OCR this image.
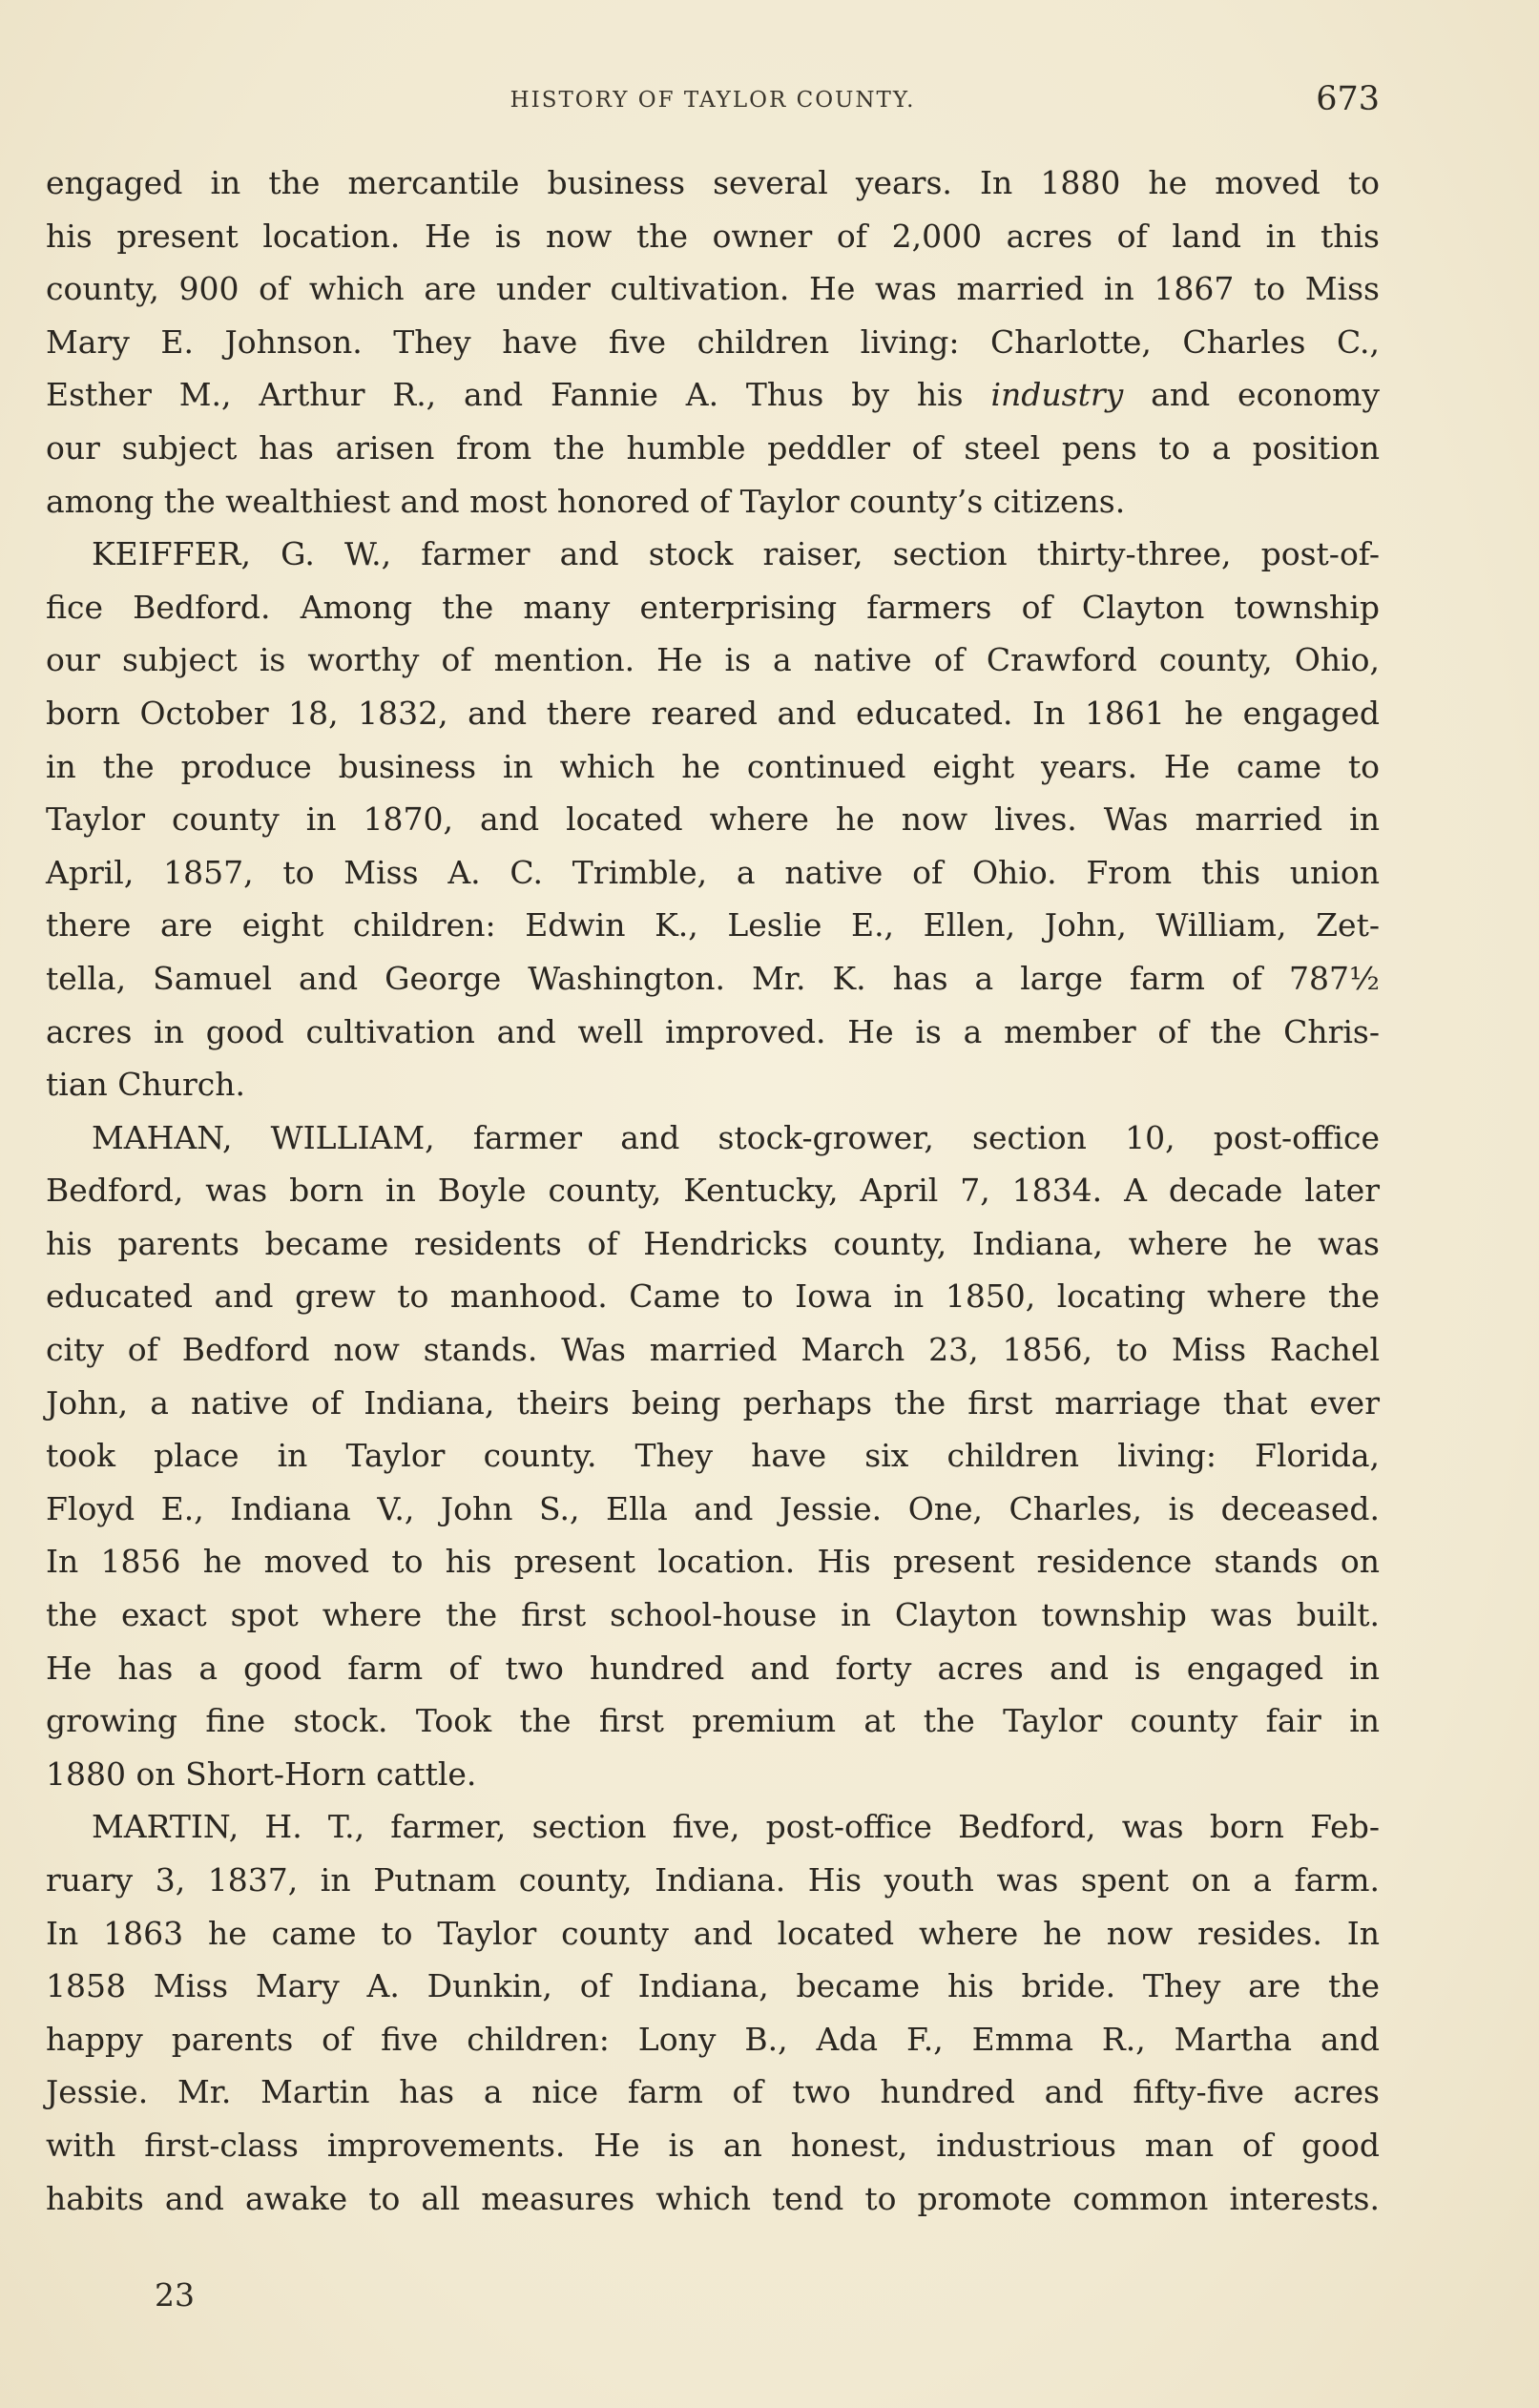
HISTORY OF TAYLOR COUNTY.	673
engaged in the mercantile business several years. In 1880 he moved to
his present location. He is now the owner of 2,000 acres of land in this
county, 900 of which are under cultivation. He was married in 1867 to Miss
Mary E. Johnson. They have five children living: Charlotte, Charles C.,
Esther M., Arthur R., and Fannie A. Thus by his industry and economy
our subject has arisen from the humble peddler of steel pens to a position
among the wealthiest and most honored of Taylor county’s citizens.
KEIFFER, G. W., farmer and stock raiser, section thirty-three, post-of-
fice Bedford. Among the many enterprising farmers of Clayton township
our subject is worthy of mention. He is a native of Crawford county, Ohio,
born October 18, 1832, and there reared and educated. In 1861 he engaged
in the produce business in which he continued eight years. He came to
Taylor county in 1870, and located where he now lives. Was married in
April, 1857, to Miss A. C. Trimble, a native of Ohio. From this union
there are eight children: Edwin K., Leslie E., Ellen, John, William, Zet-
tella, Samuel and George Washington. Mr. K. has a large farm of 787½
acres in good cultivation and well improved. He is a member of the Chris-
tian Church.
MAHAN, WILLIAM, farmer and stock-grower, section 10, post-office
Bedford, was born in Boyle county, Kentucky, April 7, 1834. A decade later
his parents became residents of Hendricks county, Indiana, where he was
educated and grew to manhood. Came to Iowa in 1850, locating where the
city of Bedford now stands. Was married March 23, 1856, to Miss Rachel
John, a native of Indiana, theirs being perhaps the first marriage that ever
took place in Taylor county. They have six children living: Florida,
Floyd E., Indiana V., John S., Ella and Jessie. One, Charles, is deceased.
In 1856 he moved to his present location. His present residence stands on
the exact spot where the first school-house in Clayton township was built.
He has a good farm of two hundred and forty acres and is engaged in
growing fine stock. Took the first premium at the Taylor county fair in
1880 on Short-Horn cattle.
MARTIN, H. T., farmer, section five, post-office Bedford, was born Feb-
ruary 3, 1837, in Putnam county, Indiana. His youth was spent on a farm.
In 1863 he came to Taylor county and located where he now resides. In
1858 Miss Mary A. Dunkin, of Indiana, became his bride. They are the
happy parents of five children: Lony B., Ada F., Emma R., Martha and
Jessie. Mr. Martin has a nice farm of two hundred and fifty-five acres
with first-class improvements. He is an honest, industrious man of good
habits and awake to all measures which tend to promote common interests.
23
